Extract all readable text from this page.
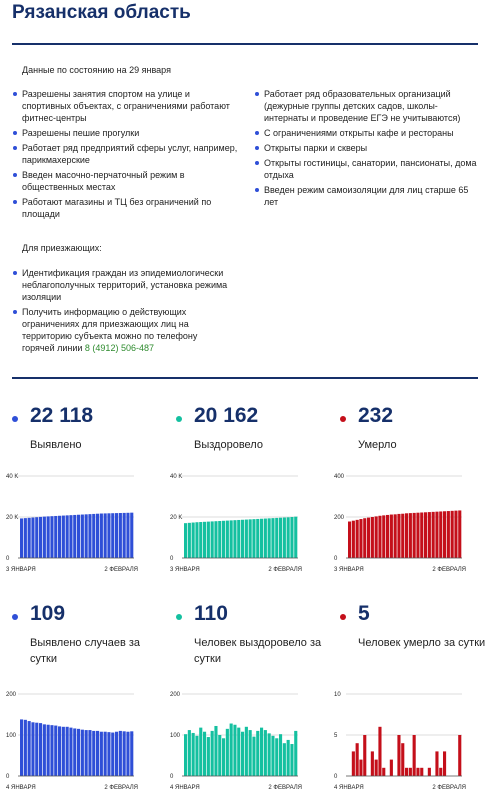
Рязанская область
Данные по состоянию на 29 января
Разрешены занятия спортом на улице и спортивных объектах, с ограничениями работают фитнес-центры
Разрешены пешие прогулки
Работает ряд предприятий сферы услуг, например, парикмахерские
Введен масочно-перчаточный режим в общественных местах
Работают магазины и ТЦ без ограничений по площади
Работает ряд образовательных организаций (дежурные группы детских садов, школы-интернаты и проведение ЕГЭ не учитываются)
С ограничениями открыты кафе и рестораны
Открыты парки и скверы
Открыты гостиницы, санатории, пансионаты, дома отдыха
Введен режим самоизоляции для лиц старше 65 лет
Для приезжающих:
Идентификация граждан из эпидемиологически неблагополучных территорий, установка режима изоляции
Получить информацию о действующих ограничениях для приезжающих лиц на территорию субъекта можно по телефону горячей линии 8 (4912) 506-487
22 118
Выявлено
20 162
Выздоровело
232
Умерло
0
20 K
40 K
3 ЯНВАРЯ	2 ФЕВРАЛЯ
0
20 K
40 K
3 ЯНВАРЯ	2 ФЕВРАЛЯ
0
200
400
3 ЯНВАРЯ	2 ФЕВРАЛЯ
109
Выявлено случаев за сутки
110
Человек выздоровело за сутки
5
Человек умерло за сутки
0
100
200
4 ЯНВАРЯ	2 ФЕВРАЛЯ
0
100
200
4 ЯНВАРЯ	2 ФЕВРАЛЯ
0
5
10
4 ЯНВАРЯ	2 ФЕВРАЛЯ
